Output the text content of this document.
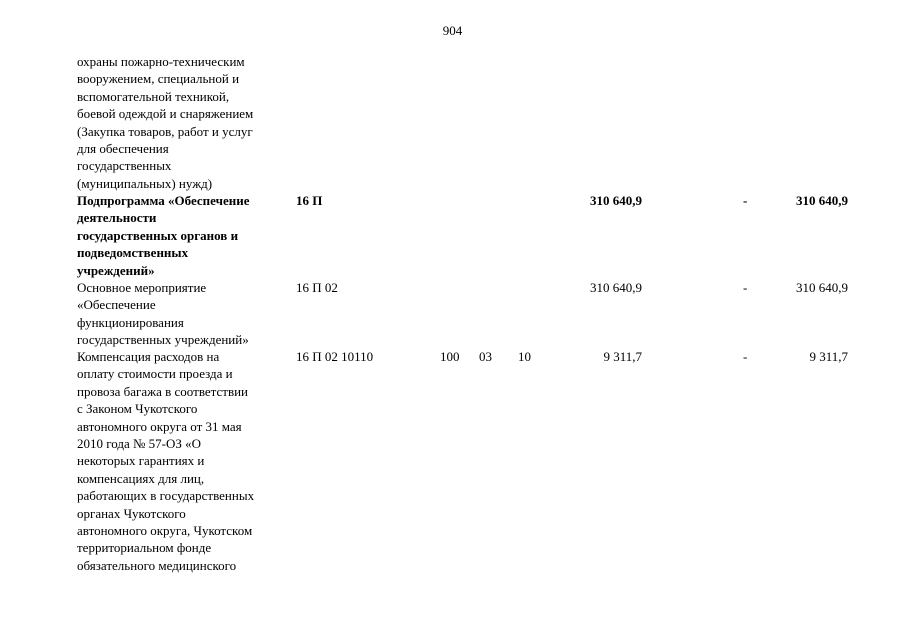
904
охраны пожарно-техническим
вооружением, специальной и
вспомогательной техникой,
боевой одеждой и снаряжением
(Закупка товаров, работ и услуг
для обеспечения
государственных
(муниципальных) нужд)
Подпрограмма «Обеспечение
деятельности
государственных органов и
подведомственных
учреждений»
16 П	310 640,9	-	310 640,9
Основное мероприятие
«Обеспечение
функционирования
государственных учреждений»
16 П 02	310 640,9	-	310 640,9
Компенсация расходов на
оплату стоимости проезда и
провоза багажа в соответствии
с Законом Чукотского
автономного округа от 31 мая
2010 года № 57-ОЗ «О
некоторых гарантиях и
компенсациях для лиц,
работающих в государственных
органах Чукотского
автономного округа, Чукотском
территориальном фонде
обязательного медицинского
16 П 02 10110	100 03 10	9 311,7	-	9 311,7
